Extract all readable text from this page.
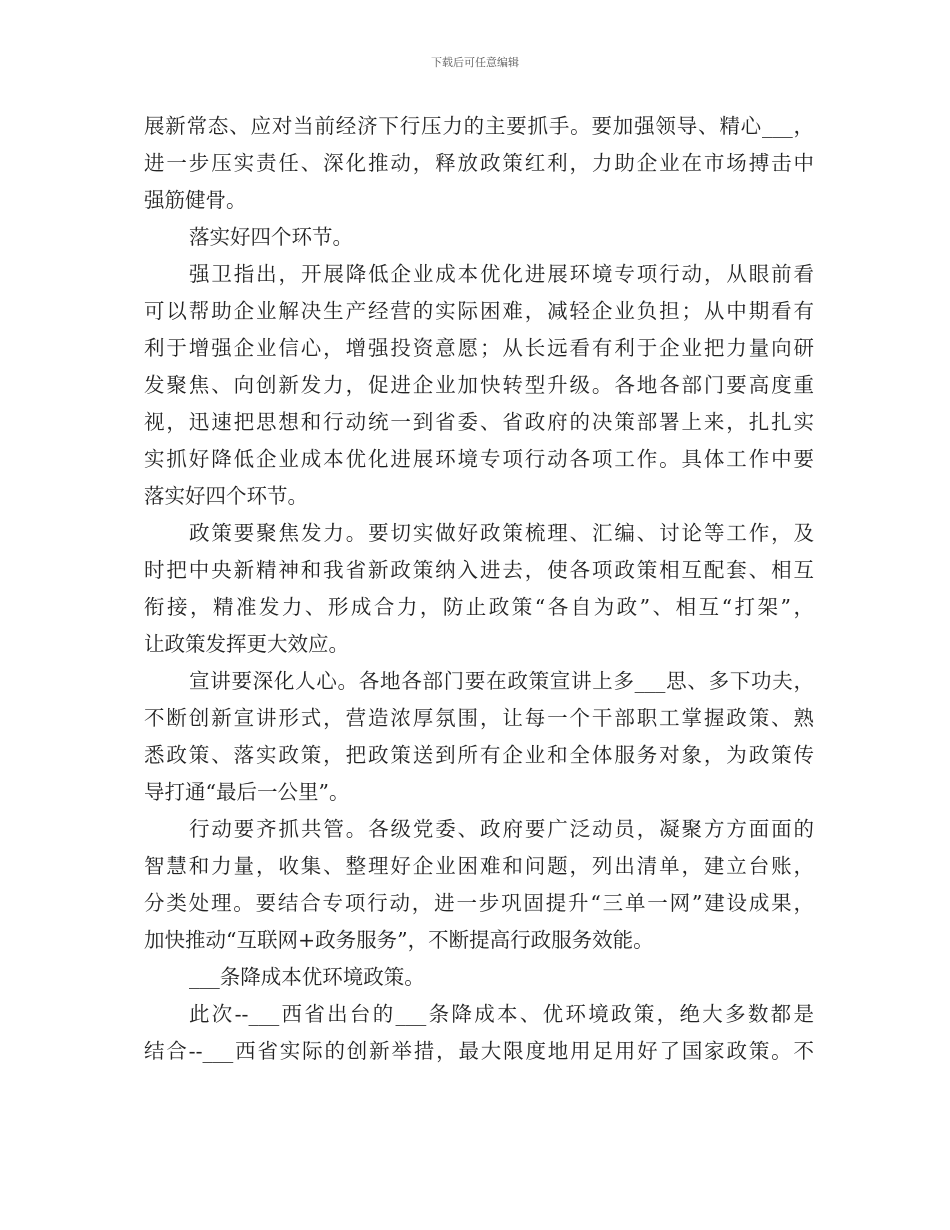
下载后可任意编辑
展新常态、应对当前经济下行压力的主要抓手。要加强领导、精心___，
进一步压实责任、深化推动，释放政策红利，力助企业在市场搏击中
强筋健骨。
落实好四个环节。
强卫指出，开展降低企业成本优化进展环境专项行动，从眼前看
可以帮助企业解决生产经营的实际困难，减轻企业负担；从中期看有
利于增强企业信心，增强投资意愿；从长远看有利于企业把力量向研
发聚焦、向创新发力，促进企业加快转型升级。各地各部门要高度重
视，迅速把思想和行动统一到省委、省政府的决策部署上来，扎扎实
实抓好降低企业成本优化进展环境专项行动各项工作。具体工作中要
落实好四个环节。
政策要聚焦发力。要切实做好政策梳理、汇编、讨论等工作，及
时把中央新精神和我省新政策纳入进去，使各项政策相互配套、相互
衔接，精准发力、形成合力，防止政策“各自为政”、相互“打架”，
让政策发挥更大效应。
宣讲要深化人心。各地各部门要在政策宣讲上多___思、多下功夫，
不断创新宣讲形式，营造浓厚氛围，让每一个干部职工掌握政策、熟
悉政策、落实政策，把政策送到所有企业和全体服务对象，为政策传
导打通“最后一公里”。
行动要齐抓共管。各级党委、政府要广泛动员，凝聚方方面面的
智慧和力量，收集、整理好企业困难和问题，列出清单，建立台账，
分类处理。要结合专项行动，进一步巩固提升“三单一网”建设成果，
加快推动“互联网+政务服务”，不断提高行政服务效能。
___条降成本优环境政策。
此次--___西省出台的___条降成本、优环境政策，绝大多数都是
结合--___西省实际的创新举措，最大限度地用足用好了国家政策。不
